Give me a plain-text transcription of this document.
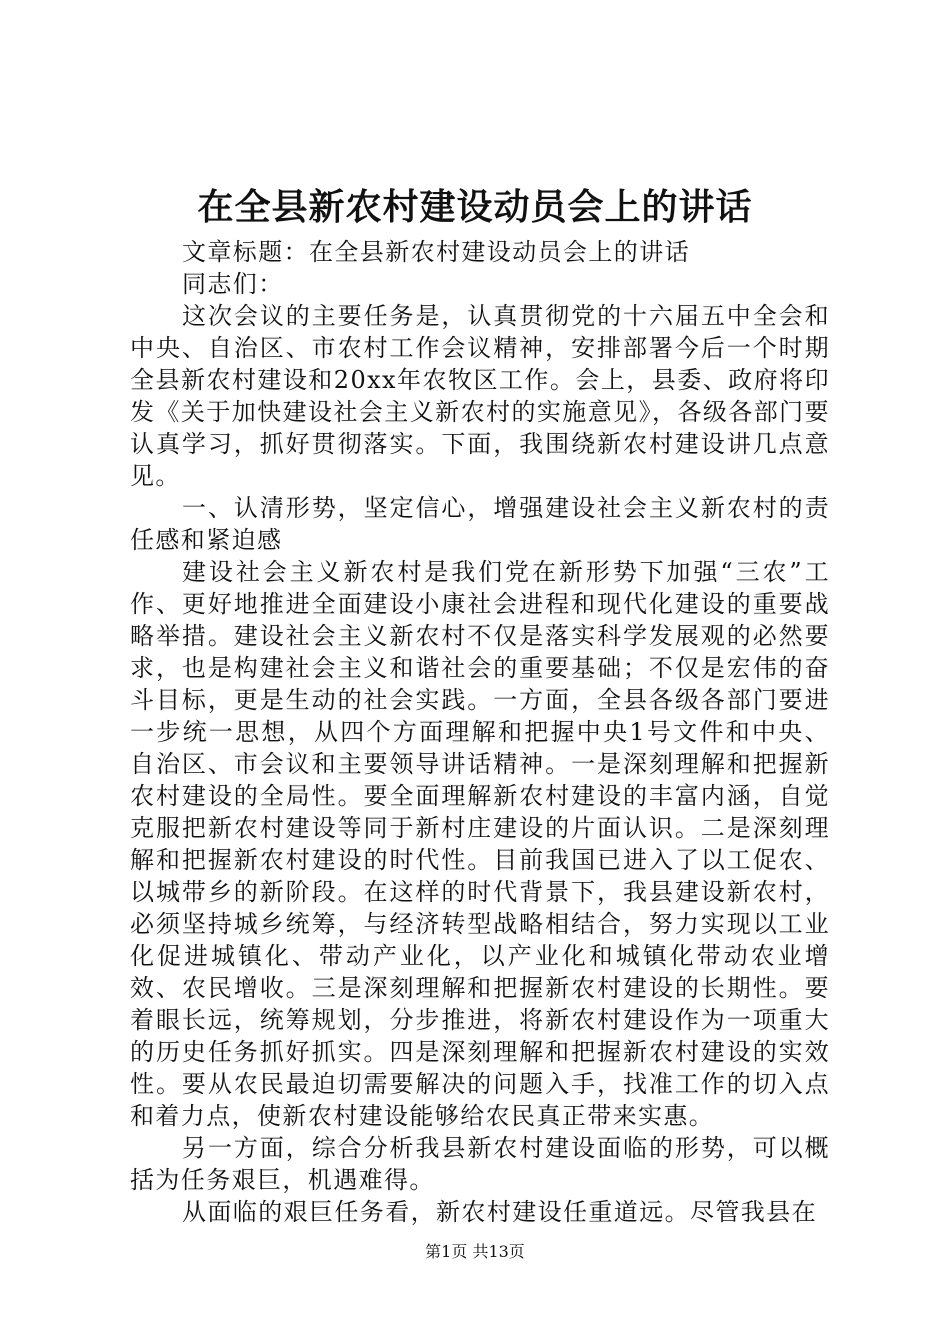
在全县新农村建设动员会上的讲话

文章标题：在全县新农村建设动员会上的讲话

同志们：

这次会议的主要任务是，认真贯彻党的十六届五中全会和中央、自治区、市农村工作会议精神，安排部署今后一个时期全县新农村建设和20xx年农牧区工作。会上，县委、政府将印发《关于加快建设社会主义新农村的实施意见》，各级各部门要认真学习，抓好贯彻落实。下面，我围绕新农村建设讲几点意见。

一、认清形势，坚定信心，增强建设社会主义新农村的责任感和紧迫感

建设社会主义新农村是我们党在新形势下加强“三农”工作、更好地推进全面建设小康社会进程和现代化建设的重要战略举措。建设社会主义新农村不仅是落实科学发展观的必然要求，也是构建社会主义和谐社会的重要基础；不仅是宏伟的奋斗目标，更是生动的社会实践。一方面，全县各级各部门要进一步统一思想，从四个方面理解和把握中央1号文件和中央、自治区、市会议和主要领导讲话精神。一是深刻理解和把握新农村建设的全局性。要全面理解新农村建设的丰富内涵，自觉克服把新农村建设等同于新村庄建设的片面认识。二是深刻理解和把握新农村建设的时代性。目前我国已进入了以工促农、以城带乡的新阶段。在这样的时代背景下，我县建设新农村，必须坚持城乡统筹，与经济转型战略相结合，努力实现以工业化促进城镇化、带动产业化，以产业化和城镇化带动农业增效、农民增收。三是深刻理解和把握新农村建设的长期性。要着眼长远，统筹规划，分步推进，将新农村建设作为一项重大的历史任务抓好抓实。四是深刻理解和把握新农村建设的实效性。要从农民最迫切需要解决的问题入手，找准工作的切入点和着力点，使新农村建设能够给农民真正带来实惠。

另一方面，综合分析我县新农村建设面临的形势，可以概括为任务艰巨，机遇难得。

从面临的艰巨任务看，新农村建设任重道远。尽管我县在

第1页 共13页
